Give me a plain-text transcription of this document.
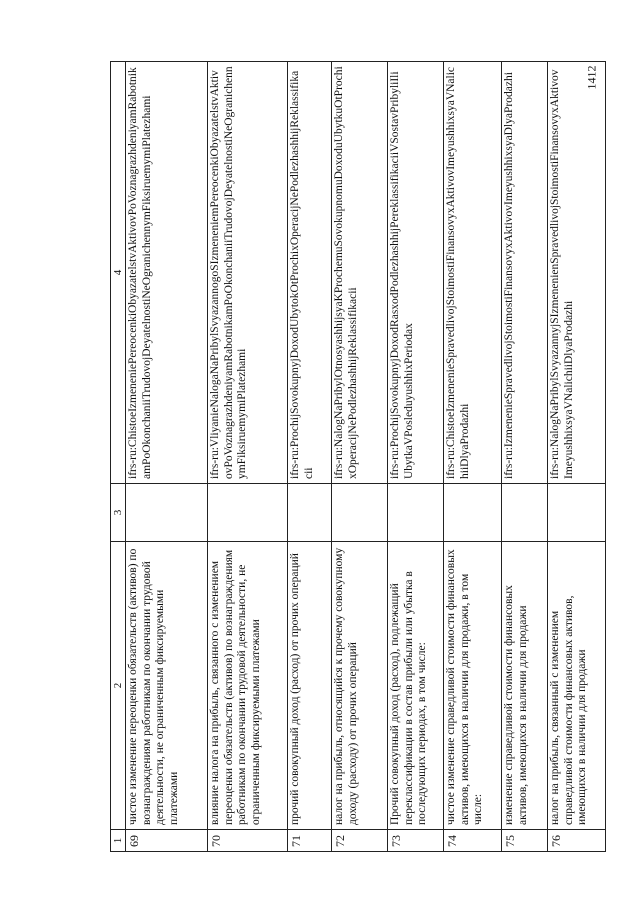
1412
1	2	3	4
69	чистое изменение переоценки обязательств (активов) по вознаграждениям работникам по окончании трудовой деятельности, не ограниченным фиксируемыми платежами		ifrs-ru:ChistoeIzmeneniePereocenkiObyazatelstvAktivovPoVoznagrazhdeniyamRabotnikamPoOkonchaniiTrudovojDeyatelnostiNeOgranichennymFiksiruemymiPlatezhami
70	влияние налога на прибыль, связанного с изменением переоценки обязательств (активов) по вознаграждениям работникам по окончании трудовой деятельности, не ограниченным фиксируемыми платежами		ifrs-ru:VliyanieNalogaNaPribylSvyazannogoSIzmeneniemPereocenkiObyazatelstvAktivovPoVoznagrazhdeniyamRabotnikamPoOkonchaniiTrudovojDeyatelnostiNeOgranichennymFiksiruemymiPlatezhami
71	прочий совокупный доход (расход) от прочих операций		ifrs-ru:ProchijSovokupnyjDoxodUbytokOtProchixOperacijNePodlezhashhijReklassifikacii
72	налог на прибыль, относящийся к прочему совокупному доходу (расходу) от прочих операций		ifrs-ru:NalogNaPribylOtnosyashhijsyaKProchemuSovokupnomuDoxoduUbytkuOtProchixOperacijNePodlezhashhijReklassifikacii
73	Прочий совокупный доход (расход), подлежащий переклассификации в состав прибыли или убытка в последующих периодах, в том числе:		ifrs-ru:ProchijSovokupnyjDoxodRasxodPodlezhashhijPereklassifikaciiVSostavPribyliIliUbytkaVPosleduyushhixPeriodax
74	чистое изменение справедливой стоимости финансовых активов, имеющихся в наличии для продажи, в том числе:		ifrs-ru:ChistoeIzmenenieSpravedlivojStoimostiFinansovyxAktivovImeyushhixsyaVNalichiiDlyaProdazhi
75	изменение справедливой стоимости финансовых активов, имеющихся в наличии для продажи		ifrs-ru:IzmenenieSpravedlivojStoimostiFinansovyxAktivovImeyushhixsyaDlyaProdazhi
76	налог на прибыль, связанный с изменением справедливой стоимости финансовых активов, имеющихся в наличии для продажи		ifrs-ru:NalogNaPribylSvyazannyjSIzmenenienSpravedlivojStoimostiFinansovyxAktivovImeyushhixsyaVNalichiiDlyaProdazhi
